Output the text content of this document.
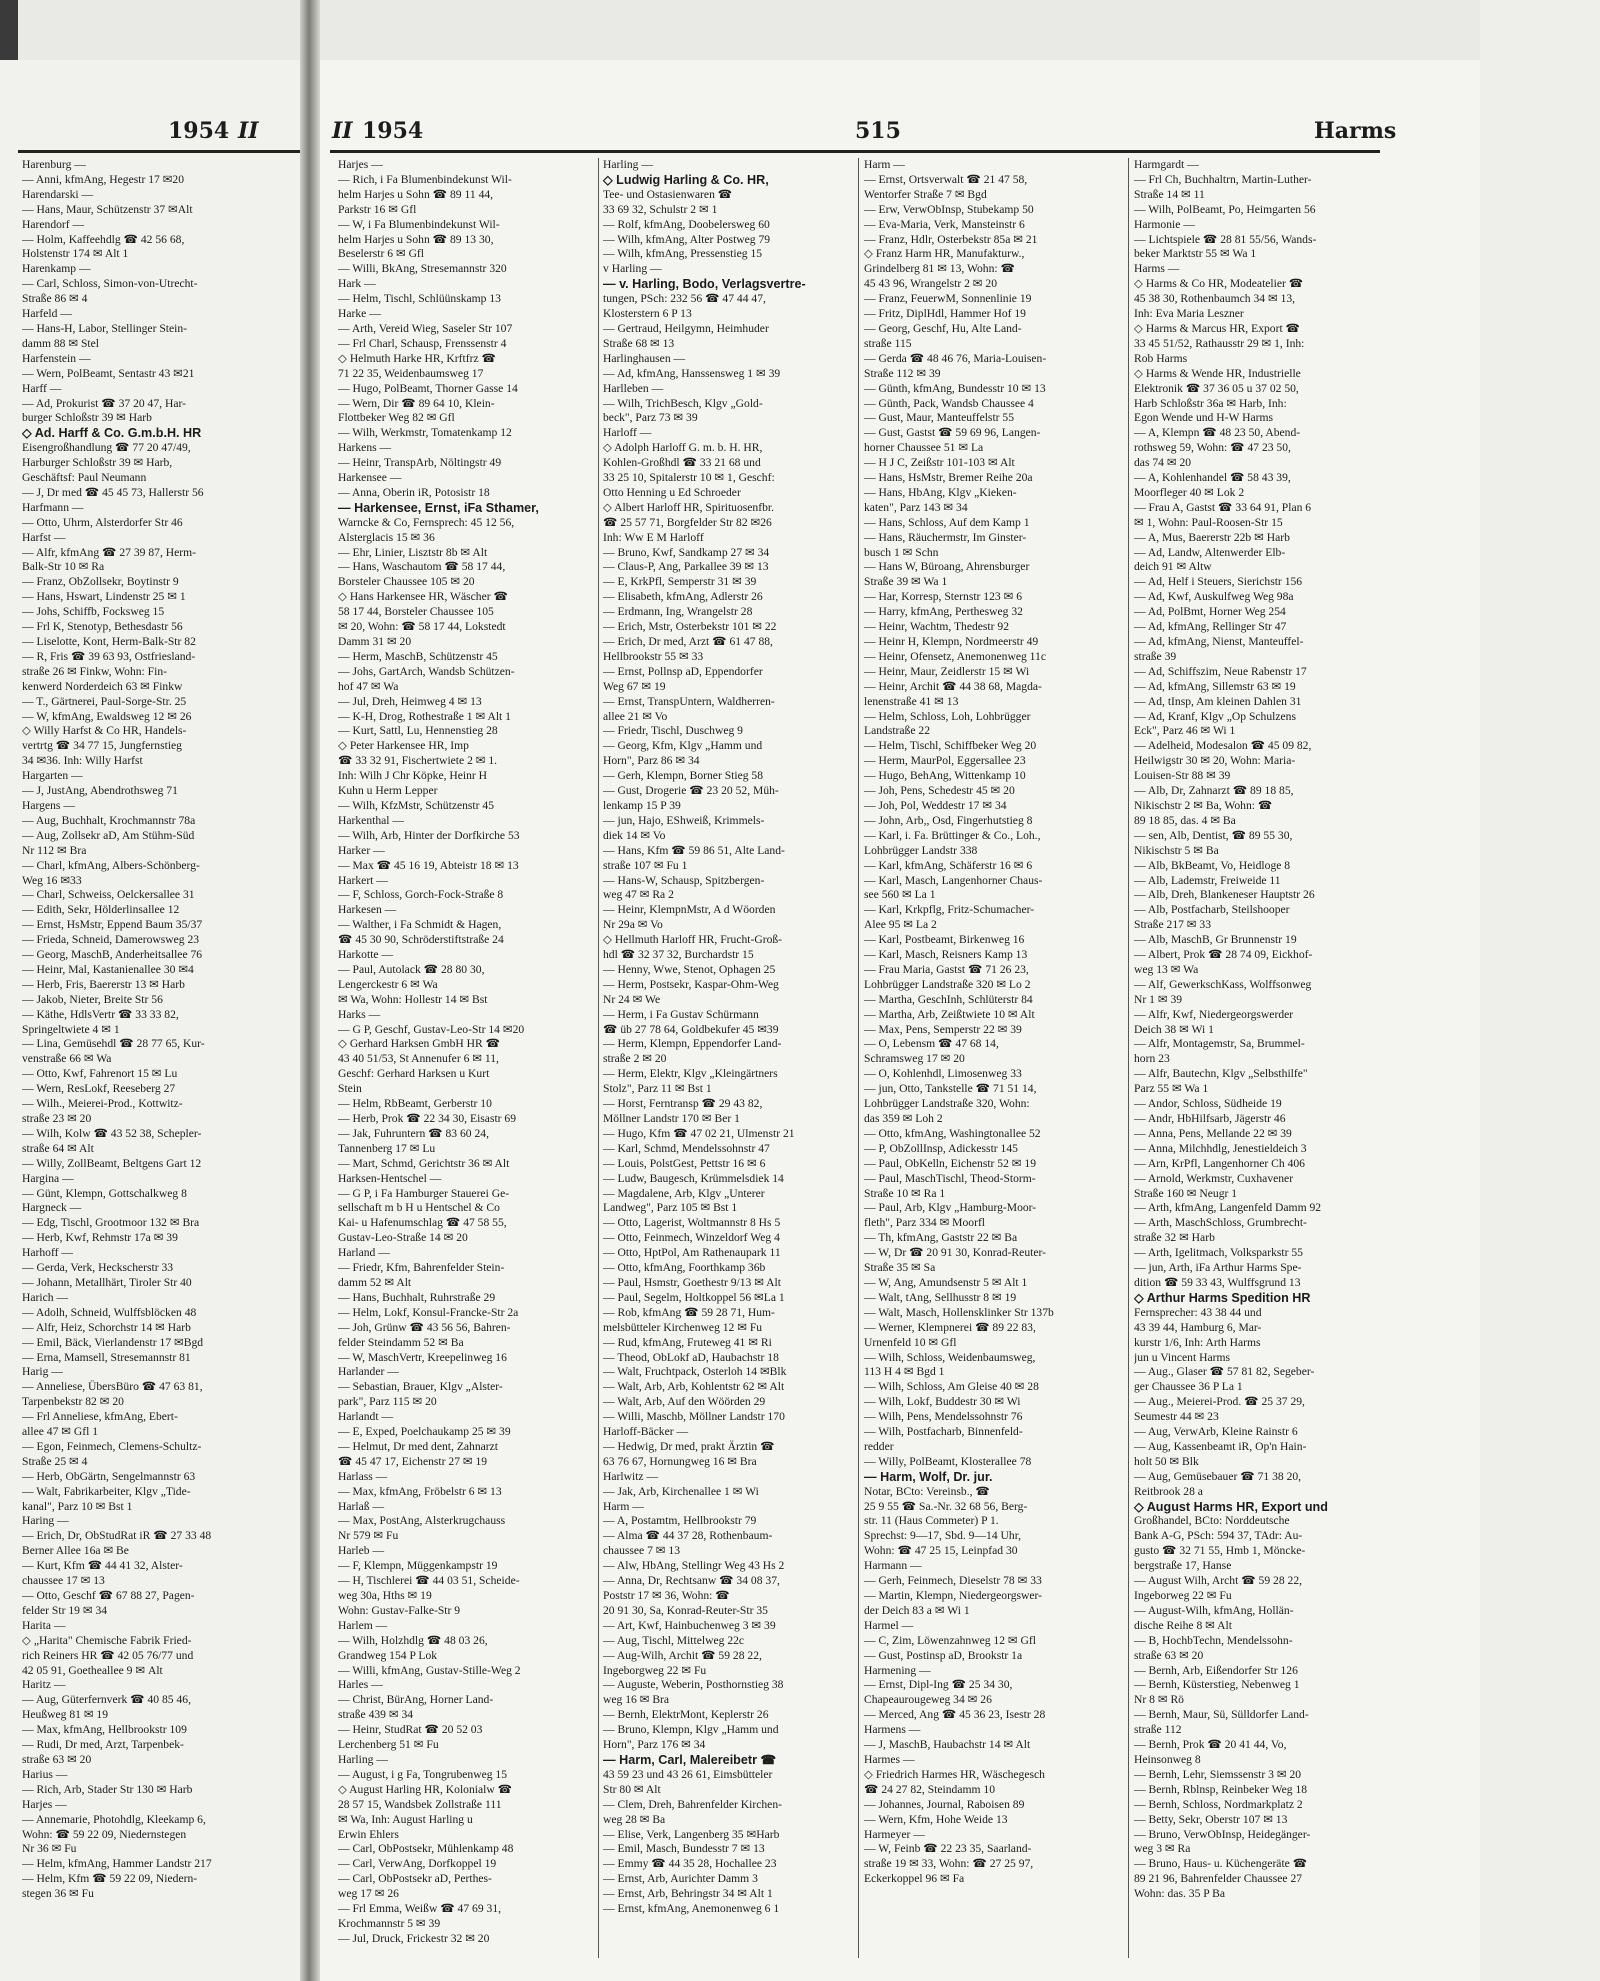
1954 II	II 1954	515	Harms
Harenburg —
— Anni, kfmAng, Hegestr 17 ✉20
Harendarski —
— Hans, Maur, Schützenstr 37 ✉Alt
Harendorf —
— Holm, Kaffeehdlg ☎ 42 56 68,
Holstenstr 174 ✉ Alt 1
Harenkamp —
— Carl, Schloss, Simon-von-Utrecht-
Straße 86 ✉ 4
Harfeld —
— Hans-H, Labor, Stellinger Stein-
damm 88 ✉ Stel
Harfenstein —
— Wern, PolBeamt, Sentastr 43 ✉21
Harff —
— Ad, Prokurist ☎ 37 20 47, Har-
burger Schloßstr 39 ✉ Harb
◇ Ad. Harff & Co. G.m.b.H. HR
Eisengroßhandlung ☎ 77 20 47/49,
Harburger Schloßstr 39 ✉ Harb,
Geschäftsf: Paul Neumann
— J, Dr med ☎ 45 45 73, Hallerstr 56
Harfmann —
— Otto, Uhrm, Alsterdorfer Str 46
Harfst —
— Alfr, kfmAng ☎ 27 39 87, Herm-
Balk-Str 10 ✉ Ra
— Franz, ObZollsekr, Boytinstr 9
— Hans, Hswart, Lindenstr 25 ✉ 1
— Johs, Schiffb, Focksweg 15
— Frl K, Stenotyp, Bethesdastr 56
— Liselotte, Kont, Herm-Balk-Str 82
— R, Fris ☎ 39 63 93, Ostfriesland-
straße 26 ✉ Finkw, Wohn: Fin-
kenwerd Norderdeich 63 ✉ Finkw
— T., Gärtnerei, Paul-Sorge-Str. 25
— W, kfmAng, Ewaldsweg 12 ✉ 26
◇ Willy Harfst & Co HR, Handels-
vertrtg ☎ 34 77 15, Jungfernstieg
34 ✉36. Inh: Willy Harfst
Hargarten —
— J, JustAng, Abendrothsweg 71
Hargens —
— Aug, Buchhalt, Krochmannstr 78a
— Aug, Zollsekr aD, Am Stühm-Süd
Nr 112 ✉ Bra
— Charl, kfmAng, Albers-Schönberg-
Weg 16 ✉33
— Charl, Schweiss, Oelckersallee 31
— Edith, Sekr, Hölderlinsallee 12
— Ernst, HsMstr, Eppend Baum 35/37
— Frieda, Schneid, Damerowsweg 23
— Georg, MaschB, Anderheitsallee 76
— Heinr, Mal, Kastanienallee 30 ✉4
— Herb, Fris, Baererstr 13 ✉ Harb
— Jakob, Nieter, Breite Str 56
— Käthe, HdlsVertr ☎ 33 33 82,
Springeltwiete 4 ✉ 1
— Lina, Gemüsehdl ☎ 28 77 65, Kur-
venstraße 66 ✉ Wa
— Otto, Kwf, Fahrenort 15 ✉ Lu
— Wern, ResLokf, Reeseberg 27
— Wilh., Meierei-Prod., Kottwitz-
straße 23 ✉ 20
— Wilh, Kolw ☎ 43 52 38, Schepler-
straße 64 ✉ Alt
— Willy, ZollBeamt, Beltgens Gart 12
Hargina —
— Günt, Klempn, Gottschalkweg 8
Hargneck —
— Edg, Tischl, Grootmoor 132 ✉ Bra
— Herb, Kwf, Rehmstr 17a ✉ 39
Harhoff —
— Gerda, Verk, Heckscherstr 33
— Johann, Metallhärt, Tiroler Str 40
Harich —
— Adolh, Schneid, Wulffsblöcken 48
— Alfr, Heiz, Schorchstr 14 ✉ Harb
— Emil, Bäck, Vierlandenstr 17 ✉Bgd
— Erna, Mamsell, Stresemannstr 81
Harig —
— Anneliese, ÜbersBüro ☎ 47 63 81,
Tarpenbekstr 82 ✉ 20
— Frl Anneliese, kfmAng, Ebert-
allee 47 ✉ Gfl 1
— Egon, Feinmech, Clemens-Schultz-
Straße 25 ✉ 4
— Herb, ObGärtn, Sengelmannstr 63
— Walt, Fabrikarbeiter, Klgv „Tide-
kanal", Parz 10 ✉ Bst 1
Haring —
— Erich, Dr, ObStudRat iR ☎ 27 33 48
Berner Allee 16a ✉ Be
— Kurt, Kfm ☎ 44 41 32, Alster-
chaussee 17 ✉ 13
— Otto, Geschf ☎ 67 88 27, Pagen-
felder Str 19 ✉ 34
Harita —
◇ „Harita" Chemische Fabrik Fried-
rich Reiners HR ☎ 42 05 76/77 und
42 05 91, Goethealleе 9 ✉ Alt
Haritz —
— Aug, Güterfernverk ☎ 40 85 46,
Heußweg 81 ✉ 19
— Max, kfmAng, Hellbrookstr 109
— Rudi, Dr med, Arzt, Tarpenbek-
straße 63 ✉ 20
Harius —
— Rich, Arb, Stader Str 130 ✉ Harb
Harjes —
— Annemarie, Photohdlg, Kleekamp 6,
Wohn: ☎ 59 22 09, Niedernstegen
Nr 36 ✉ Fu
— Helm, kfmAng, Hammer Landstr 217
— Helm, Kfm ☎ 59 22 09, Niedern-
stegen 36 ✉ Fu
Harjes —
— Rich, i Fa Blumenbindekunst Wil-
helm Harjes u Sohn ☎ 89 11 44,
Parkstr 16 ✉ Gfl
— W, i Fa Blumenbindekunst Wil-
helm Harjes u Sohn ☎ 89 13 30,
Beselerstr 6 ✉ Gfl
— Willi, BkAng, Stresemannstr 320
Hark —
— Helm, Tischl, Schlüünskamp 13
Harke —
— Arth, Vereid Wieg, Saseler Str 107
— Frl Charl, Schausp, Frenssenstr 4
◇ Helmuth Harke HR, Krftfrz ☎
71 22 35, Weidenbaumsweg 17
— Hugo, PolBeamt, Thorner Gasse 14
— Wern, Dir ☎ 89 64 10, Klein-
Flottbeker Weg 82 ✉ Gfl
— Wilh, Werkmstr, Tomatenkamp 12
Harkens —
— Heinr, TranspArb, Nöltingstr 49
Harkensee —
— Anna, Oberin iR, Potosistr 18
— Harkensee, Ernst, iFa Sthamer,
Warncke & Co, Fernsprech: 45 12 56,
Alsterglacis 15 ✉ 36
— Ehr, Linier, Lisztstr 8b ✉ Alt
— Hans, Waschautom ☎ 58 17 44,
Borsteler Chaussee 105 ✉ 20
◇ Hans Harkensee HR, Wäscher ☎
58 17 44, Borsteler Chaussee 105
✉ 20, Wohn: ☎ 58 17 44, Lokstedt
Damm 31 ✉ 20
— Herm, MaschB, Schützenstr 45
— Johs, GartArch, Wandsb Schützen-
hof 47 ✉ Wa
— Jul, Dreh, Heimweg 4 ✉ 13
— K-H, Drog, Rothestraße 1 ✉ Alt 1
— Kurt, Sattl, Lu, Hennenstieg 28
◇ Peter Harkensee HR, Imp
☎ 33 32 91, Fischertwiete 2 ✉ 1.
Inh: Wilh J Chr Köpke, Heinr H
Kuhn u Herm Lepper
— Wilh, KfzMstr, Schützenstr 45
Harkenthal —
— Wilh, Arb, Hinter der Dorfkirche 53
Harker —
— Max ☎ 45 16 19, Abteistr 18 ✉ 13
Harkert —
— F, Schloss, Gorch-Fock-Straße 8
Harkesen —
— Walther, i Fa Schmidt & Hagen,
☎ 45 30 90, Schröderstiftstraße 24
Harkotte —
— Paul, Autolack ☎ 28 80 30,
Lengerckestr 6 ✉ Wa
✉ Wa, Wohn: Hollestr 14 ✉ Bst
Harks —
— G P, Geschf, Gustav-Leo-Str 14 ✉20
◇ Gerhard Harksen GmbH HR ☎
43 40 51/53, St Annenufer 6 ✉ 11,
Geschf: Gerhard Harksen u Kurt
Stein
— Helm, RbBeamt, Gerberstr 10
— Herb, Prok ☎ 22 34 30, Eisastr 69
— Jak, Fuhruntern ☎ 83 60 24,
Tannenberg 17 ✉ Lu
— Mart, Schmd, Gerichtstr 36 ✉ Alt
Harksen-Hentschel —
— G P, i Fa Hamburger Stauerei Ge-
sellschaft m b H u Hentschel & Co
Kai- u Hafenumschlag ☎ 47 58 55,
Gustav-Leo-Straße 14 ✉ 20
Harland —
— Friedr, Kfm, Bahrenfelder Stein-
damm 52 ✉ Alt
— Hans, Buchhalt, Ruhrstraße 29
— Helm, Lokf, Konsul-Francke-Str 2a
— Joh, Grünw ☎ 43 56 56, Bahren-
felder Steindamm 52 ✉ Ba
— W, MaschVertr, Kreepelinweg 16
Harlander —
— Sebastian, Brauer, Klgv „Alster-
park", Parz 115 ✉ 20
Harlandt —
— E, Exped, Poelchaukamp 25 ✉ 39
— Helmut, Dr med dent, Zahnarzt
☎ 45 47 17, Eichenstr 27 ✉ 19
Harlass —
— Max, kfmAng, Fröbelstr 6 ✉ 13
Harlaß —
— Max, PostAng, Alsterkrugchauss
Nr 579 ✉ Fu
Harleb —
— F, Klempn, Müggenkampstr 19
— H, Tischlerei ☎ 44 03 51, Scheide-
weg 30a, Hths ✉ 19
Wohn: Gustav-Falke-Str 9
Harlem —
— Wilh, Holzhdlg ☎ 48 03 26,
Grandweg 154 P Lok
— Willi, kfmAng, Gustav-Stille-Weg 2
Harles —
— Christ, BürAng, Horner Land-
straße 439 ✉ 34
— Heinr, StudRat ☎ 20 52 03
Lerchenberg 51 ✉ Fu
Harling —
— August, i g Fa, Tongrubenweg 15
◇ August Harling HR, Kolonialw ☎
28 57 15, Wandsbek Zollstraße 111
✉ Wa, Inh: August Harling u
Erwin Ehlers
— Carl, ObPostsekr, Mühlenkamp 48
— Carl, VerwAng, Dorfkoppel 19
— Carl, ObPostsekr aD, Perthes-
weg 17 ✉ 26
— Frl Emma, Weißw ☎ 47 69 31,
Krochmannstr 5 ✉ 39
— Jul, Druck, Frickestr 32 ✉ 20
Harling —
◇ Ludwig Harling & Co. HR,
Tee- und Ostasienwaren ☎
33 69 32, Schulstr 2 ✉ 1
— Rolf, kfmAng, Doobelersweg 60
— Wilh, kfmAng, Alter Postweg 79
— Wilh, kfmAng, Pressenstieg 15
v Harling —
— v. Harling, Bodo, Verlagsvertre-
tungen, PSch: 232 56 ☎ 47 44 47,
Klosterstern 6 P 13
— Gertraud, Heilgymn, Heimhuder
Straße 68 ✉ 13
Harlinghausen —
— Ad, kfmAng, Hanssensweg 1 ✉ 39
Harlleben —
— Wilh, TrichBesch, Klgv „Gold-
beck", Parz 73 ✉ 39
Harloff —
◇ Adolph Harloff G. m. b. H. HR,
Kohlen-Großhdl ☎ 33 21 68 und
33 25 10, Spitalerstr 10 ✉ 1, Geschf:
Otto Henning u Ed Schroeder
◇ Albert Harloff HR, Spirituosenfbr.
☎ 25 57 71, Borgfelder Str 82 ✉26
Inh: Ww E M Harloff
— Bruno, Kwf, Sandkamp 27 ✉ 34
— Claus-P, Ang, Parkallee 39 ✉ 13
— E, KrkPfl, Semperstr 31 ✉ 39
— Elisabeth, kfmAng, Adlerstr 26
— Erdmann, Ing, Wrangelstr 28
— Erich, Mstr, Osterbekstr 101 ✉ 22
— Erich, Dr med, Arzt ☎ 61 47 88,
Hellbrookstr 55 ✉ 33
— Ernst, Pollnsp aD, Eppendorfer
Weg 67 ✉ 19
— Ernst, TranspUntern, Waldherren-
allee 21 ✉ Vo
— Friedr, Tischl, Duschweg 9
— Georg, Kfm, Klgv „Hamm und
Horn", Parz 86 ✉ 34
— Gerh, Klempn, Borner Stieg 58
— Gust, Drogerie ☎ 23 20 52, Müh-
lenkamp 15 P 39
— jun, Hajo, EShweiß, Krimmels-
diek 14 ✉ Vo
— Hans, Kfm ☎ 59 86 51, Alte Land-
straße 107 ✉ Fu 1
— Hans-W, Schausp, Spitzbergen-
weg 47 ✉ Ra 2
— Heinr, KlempnMstr, A d Wöorden
Nr 29a ✉ Vo
◇ Hellmuth Harloff HR, Frucht-Groß-
hdl ☎ 32 37 32, Burchardstr 15
— Henny, Wwe, Stenot, Ophagen 25
— Herm, Postsekr, Kaspar-Ohm-Weg
Nr 24 ✉ We
— Herm, i Fa Gustav Schürmann
☎ üb 27 78 64, Goldbekufer 45 ✉39
— Herm, Klempn, Eppendorfer Land-
straße 2 ✉ 20
— Herm, Elektr, Klgv „Kleingärtners
Stolz", Parz 11 ✉ Bst 1
— Horst, Ferntransp ☎ 29 43 82,
Möllner Landstr 170 ✉ Ber 1
— Hugo, Kfm ☎ 47 02 21, Ulmenstr 21
— Karl, Schmd, Mendelssohnstr 47
— Louis, PolstGest, Pettstr 16 ✉ 6
— Ludw, Baugesch, Krümmelsdiek 14
— Magdalene, Arb, Klgv „Unterer
Landweg", Parz 105 ✉ Bst 1
— Otto, Lagerist, Woltmannstr 8 Hs 5
— Otto, Feinmech, Winzeldorf Weg 4
— Otto, HptPol, Am Rathenaupark 11
— Otto, kfmAng, Foorthkamp 36b
— Paul, Hsmstr, Goethestr 9/13 ✉ Alt
— Paul, Segelm, Holtkoppel 56 ✉La 1
— Rob, kfmAng ☎ 59 28 71, Hum-
melsbütteler Kirchenweg 12 ✉ Fu
— Rud, kfmAng, Fruteweg 41 ✉ Ri
— Theod, ObLokf aD, Haubachstr 18
— Walt, Fruchtpack, Osterloh 14 ✉Blk
— Walt, Arb, Arb, Kohlentstr 62 ✉ Alt
— Walt, Arb, Auf den Wöörden 29
— Willi, Maschb, Möllner Landstr 170
Harloff-Bäcker —
— Hedwig, Dr med, prakt Ärztin ☎
63 76 67, Hornungweg 16 ✉ Bra
Harlwitz —
— Jak, Arb, Kirchenallee 1 ✉ Wi
Harm —
— A, Postamtm, Hellbrookstr 79
— Alma ☎ 44 37 28, Rothenbaum-
chaussee 7 ✉ 13
— Alw, HbAng, Stellingr Weg 43 Hs 2
— Anna, Dr, Rechtsanw ☎ 34 08 37,
Poststr 17 ✉ 36, Wohn: ☎
20 91 30, Sa, Konrad-Reuter-Str 35
— Art, Kwf, Hainbuchenweg 3 ✉ 39
— Aug, Tischl, Mittelweg 22c
— Aug-Wilh, Archit ☎ 59 28 22,
Ingeborgweg 22 ✉ Fu
— Auguste, Weberin, Posthornstieg 38
weg 16 ✉ Bra
— Bernh, ElektrMont, Keplerstr 26
— Bruno, Klempn, Klgv „Hamm und
Horn", Parz 176 ✉ 34
— Harm, Carl, Malereibetr ☎
43 59 23 und 43 26 61, Eimsbütteler
Str 80 ✉ Alt
— Clem, Dreh, Bahrenfelder Kirchen-
weg 28 ✉ Ba
— Elise, Verk, Langenberg 35 ✉Harb
— Emil, Masch, Bundesstr 7 ✉ 13
— Emmy ☎ 44 35 28, Hochallee 23
— Ernst, Arb, Aurichter Damm 3
— Ernst, Arb, Behringstr 34 ✉ Alt 1
— Ernst, kfmAng, Anemonenweg 6 1
Harm —
— Ernst, Ortsverwalt ☎ 21 47 58,
Wentorfer Straße 7 ✉ Bgd
— Erw, VerwObInsp, Stubekamp 50
— Eva-Maria, Verk, Mansteinstr 6
— Franz, Hdlr, Osterbekstr 85a ✉ 21
◇ Franz Harm HR, Manufakturw.,
Grindelberg 81 ✉ 13, Wohn: ☎
45 43 96, Wrangelstr 2 ✉ 20
— Franz, FeuerwM, Sonnenlinie 19
— Fritz, DiplHdl, Hammer Hof 19
— Georg, Geschf, Hu, Alte Land-
straße 115
— Gerda ☎ 48 46 76, Maria-Louisen-
Straße 112 ✉ 39
— Günth, kfmAng, Bundesstr 10 ✉ 13
— Günth, Pack, Wandsb Chaussee 4
— Gust, Maur, Manteuffelstr 55
— Gust, Gastst ☎ 59 69 96, Langen-
horner Chaussee 51 ✉ La
— H J C, Zeißstr 101-103 ✉ Alt
— Hans, HsMstr, Bremer Reihe 20a
— Hans, HbAng, Klgv „Kieken-
katen", Parz 143 ✉ 34
— Hans, Schloss, Auf dem Kamp 1
— Hans, Räuchermstr, Im Ginster-
busch 1 ✉ Schn
— Hans W, Büroang, Ahrensburger
Straße 39 ✉ Wa 1
— Har, Korresp, Sternstr 123 ✉ 6
— Harry, kfmAng, Perthesweg 32
— Heinr, Wachtm, Thedestr 92
— Heinr H, Klempn, Nordmeerstr 49
— Heinr, Ofensetz, Anemonenweg 11c
— Heinr, Maur, Zeidlerstr 15 ✉ Wi
— Heinr, Archit ☎ 44 38 68, Magda-
lenenstraße 41 ✉ 13
— Helm, Schloss, Loh, Lohbrügger
Landstraße 22
— Helm, Tischl, Schiffbeker Weg 20
— Herm, MaurPol, Eggersallee 23
— Hugo, BehAng, Wittenkamp 10
— Joh, Pens, Schedestr 45 ✉ 20
— Joh, Pol, Weddestr 17 ✉ 34
— John, Arb,, Osd, Fingerhutstieg 8
— Karl, i. Fa. Brüttinger & Co., Loh.,
Lohbrügger Landstr 338
— Karl, kfmAng, Schäferstr 16 ✉ 6
— Karl, Masch, Langenhorner Chaus-
see 560 ✉ La 1
— Karl, Krkpflg, Fritz-Schumacher-
Alee 95 ✉ La 2
— Karl, Postbeamt, Birkenweg 16
— Karl, Masch, Reisners Kamp 13
— Frau Maria, Gastst ☎ 71 26 23,
Lohbrügger Landstraße 320 ✉ Lo 2
— Martha, GeschInh, Schlüterstr 84
— Martha, Arb, Zeißtwiete 10 ✉ Alt
— Max, Pens, Semperstr 22 ✉ 39
— O, Lebensm ☎ 47 68 14,
Schramsweg 17 ✉ 20
— O, Kohlenhdl, Limosenweg 33
— jun, Otto, Tankstelle ☎ 71 51 14,
Lohbrügger Landstraße 320, Wohn:
das 359 ✉ Loh 2
— Otto, kfmAng, Washingtonallee 52
— P, ObZollInsp, Adickesstr 145
— Paul, ObKelln, Eichenstr 52 ✉ 19
— Paul, MaschTischl, Theod-Storm-
Straße 10 ✉ Ra 1
— Paul, Arb, Klgv „Hamburg-Moor-
fleth", Parz 334 ✉ Moorfl
— Th, kfmAng, Gaststr 22 ✉ Ba
— W, Dr ☎ 20 91 30, Konrad-Reuter-
Straße 35 ✉ Sa
— W, Ang, Amundsenstr 5 ✉ Alt 1
— Walt, tAng, Sellhusstr 8 ✉ 19
— Walt, Masch, Hollensklinker Str 137b
— Werner, Klempnerei ☎ 89 22 83,
Urnenfeld 10 ✉ Gfl
— Wilh, Schloss, Weidenbaumsweg,
113 H 4 ✉ Bgd 1
— Wilh, Schloss, Am Gleise 40 ✉ 28
— Wilh, Lokf, Buddestr 30 ✉ Wi
— Wilh, Pens, Mendelssohnstr 76
— Wilh, Postfacharb, Binnenfeld-
redder
— Willy, PolBeamt, Klosterallee 78
— Harm, Wolf, Dr. jur.
Notar, BCto: Vereinsb., ☎
25 9 55 ☎ Sa.-Nr. 32 68 56, Berg-
str. 11 (Haus Commeter) P 1.
Sprechst: 9—17, Sbd. 9—14 Uhr,
Wohn: ☎ 47 25 15, Leinpfad 30
Harmann —
— Gerh, Feinmech, Dieselstr 78 ✉ 33
— Martin, Klempn, Niedergeorgswer-
der Deich 83 a ✉ Wi 1
Harmel —
— C, Zim, Löwenzahnweg 12 ✉ Gfl
— Gust, Postinsp aD, Brookstr 1a
Harmening —
— Ernst, Dipl-Ing ☎ 25 34 30,
Chapeaurougeweg 34 ✉ 26
— Merced, Ang ☎ 45 36 23, Isestr 28
Harmens —
— J, MaschB, Haubachstr 14 ✉ Alt
Harmes —
◇ Friedrich Harmes HR, Wäschegesch
☎ 24 27 82, Steindamm 10
— Johannes, Journal, Raboisen 89
— Wern, Kfm, Hohe Weide 13
Harmeyer —
— W, Feinb ☎ 22 23 35, Saarland-
straße 19 ✉ 33, Wohn: ☎ 27 25 97,
Eckerkoppel 96 ✉ Fa
Harmgardt —
— Frl Ch, Buchhaltrn, Martin-Luther-
Straße 14 ✉ 11
— Wilh, PolBeamt, Po, Heimgarten 56
Harmonie —
— Lichtspiele ☎ 28 81 55/56, Wands-
beker Marktstr 55 ✉ Wa 1
Harms —
◇ Harms & Co HR, Modeatelier ☎
45 38 30, Rothenbaumch 34 ✉ 13,
Inh: Eva Maria Leszner
◇ Harms & Marcus HR, Export ☎
33 45 51/52, Rathausstr 29 ✉ 1, Inh:
Rob Harms
◇ Harms & Wende HR, Industrielle
Elektronik ☎ 37 36 05 u 37 02 50,
Harb Schloßstr 36a ✉ Harb, Inh:
Egon Wende und H-W Harms
— A, Klempn ☎ 48 23 50, Abend-
rothsweg 59, Wohn: ☎ 47 23 50,
das 74 ✉ 20
— A, Kohlenhandel ☎ 58 43 39,
Moorfleger 40 ✉ Lok 2
— Frau A, Gastst ☎ 33 64 91, Plan 6
✉ 1, Wohn: Paul-Roosen-Str 15
— A, Mus, Baererstr 22b ✉ Harb
— Ad, Landw, Altenwerder Elb-
deich 91 ✉ Altw
— Ad, Helf i Steuers, Sierichstr 156
— Ad, Kwf, Auskulfweg Weg 98a
— Ad, PolBmt, Horner Weg 254
— Ad, kfmAng, Rellinger Str 47
— Ad, kfmAng, Nienst, Manteuffel-
straße 39
— Ad, Schiffszim, Neue Rabenstr 17
— Ad, kfmAng, Sillemstr 63 ✉ 19
— Ad, tInsp, Am kleinen Dahlen 31
— Ad, Kranf, Klgv „Op Schulzens
Eck", Parz 46 ✉ Wi 1
— Adelheid, Modesalon ☎ 45 09 82,
Heilwigstr 30 ✉ 20, Wohn: Maria-
Louisen-Str 88 ✉ 39
— Alb, Dr, Zahnarzt ☎ 89 18 85,
Nikischstr 2 ✉ Ba, Wohn: ☎
89 18 85, das. 4 ✉ Ba
— sen, Alb, Dentist, ☎ 89 55 30,
Nikischstr 5 ✉ Ba
— Alb, BkBeamt, Vo, Heidloge 8
— Alb, Lademstr, Freiweide 11
— Alb, Dreh, Blankeneser Hauptstr 26
— Alb, Postfacharb, Steilshooper
Straße 217 ✉ 33
— Alb, MaschB, Gr Brunnenstr 19
— Albert, Prok ☎ 28 74 09, Eickhof-
weg 13 ✉ Wa
— Alf, GewerkschKass, Wolffsonweg
Nr 1 ✉ 39
— Alfr, Kwf, Niedergeorgswerder
Deich 38 ✉ Wi 1
— Alfr, Montagemstr, Sa, Brummel-
horn 23
— Alfr, Bautechn, Klgv „Selbsthilfe"
Parz 55 ✉ Wa 1
— Andor, Schloss, Südheide 19
— Andr, HbHilfsarb, Jägerstr 46
— Anna, Pens, Mellande 22 ✉ 39
— Anna, Milchhdlg, Jenestieldeich 3
— Arn, KrPfl, Langenhorner Ch 406
— Arnold, Werkmstr, Cuxhavener
Straße 160 ✉ Neugr 1
— Arth, kfmAng, Langenfeld Damm 92
— Arth, MaschSchloss, Grumbrecht-
straße 32 ✉ Harb
— Arth, Igelitmach, Volksparkstr 55
— jun, Arth, iFa Arthur Harms Spe-
dition ☎ 59 33 43, Wulffsgrund 13
◇ Arthur Harms Spedition HR
Fernsprecher: 43 38 44 und
43 39 44, Hamburg 6, Mar-
kurstr 1/6, Inh: Arth Harms
jun u Vincent Harms
— Aug., Glaser ☎ 57 81 82, Segeber-
ger Chaussee 36 P La 1
— Aug., Meierei-Prod. ☎ 25 37 29,
Seumestr 44 ✉ 23
— Aug, VerwArb, Kleine Rainstr 6
— Aug, Kassenbeamt iR, Op'n Hain-
holt 50 ✉ Blk
— Aug, Gemüsebauer ☎ 71 38 20,
Reitbrook 28 a
◇ August Harms HR, Export und
Großhandel, BCto: Norddeutsche
Bank A-G, PSch: 594 37, TAdr: Au-
gusto ☎ 32 71 55, Hmb 1, Mönckе-
bergstraße 17, Hanse
— August Wilh, Archt ☎ 59 28 22,
Ingeborweg 22 ✉ Fu
— August-Wilh, kfmAng, Hollän-
dische Reihe 8 ✉ Alt
— B, HochbTechn, Mendelssohn-
straße 63 ✉ 20
— Bernh, Arb, Eißendorfer Str 126
— Bernh, Küsterstieg, Nebenweg 1
Nr 8 ✉ Rö
— Bernh, Maur, Sü, Sülldorfer Land-
straße 112
— Bernh, Prok ☎ 20 41 44, Vo,
Heinsonweg 8
— Bernh, Lehr, Siemssenstr 3 ✉ 20
— Bernh, Rblnsp, Reinbeker Weg 18
— Bernh, Schloss, Nordmarkplatz 2
— Betty, Sekr, Oberstr 107 ✉ 13
— Bruno, VerwObInsp, Heidegänger-
weg 3 ✉ Ra
— Bruno, Haus- u. Küchengeräte ☎
89 21 96, Bahrenfelder Chaussee 27
Wohn: das. 35 P Ba
